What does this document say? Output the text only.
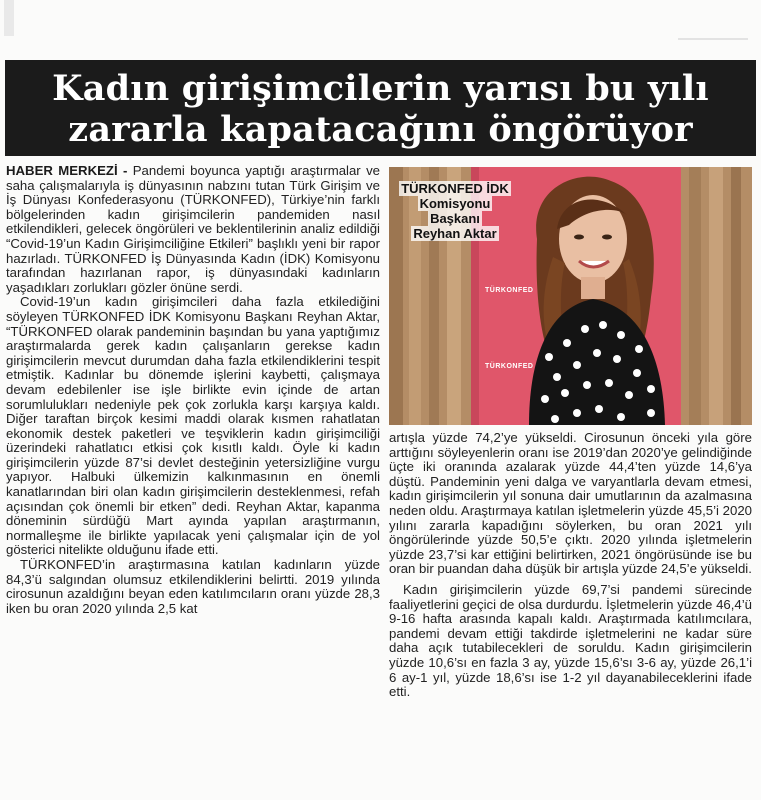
Kadın girişimcilerin yarısı bu yılı
zararla kapatacağını öngörüyor

HABER MERKEZİ - Pandemi boyunca yaptığı araştırmalar ve saha çalışmalarıyla iş dünyasının nabzını tutan Türk Girişim ve İş Dünyası Konfederasyonu (TÜRKONFED), Türkiye’nin farklı bölgelerinden kadın girişimcilerin pandemiden nasıl etkilendikleri, gelecek öngörüleri ve beklentilerinin analiz edildiği “Covid-19’un Kadın Girişimciliğine Etkileri” başlıklı yeni bir rapor hazırladı. TÜRKONFED İş Dünyasında Kadın (İDK) Komisyonu tarafından hazırlanan rapor, iş dünyasındaki kadınların yaşadıkları zorlukları gözler önüne serdi.

Covid-19’un kadın girişimcileri daha fazla etkilediğini söyleyen TÜRKONFED İDK Komisyonu Başkanı Reyhan Aktar, “TÜRKONFED olarak pandeminin başından bu yana yaptığımız araştırmalarda gerek kadın çalışanların gerekse kadın girişimcilerin mevcut durumdan daha fazla etkilendiklerini tespit etmiştik. Kadınlar bu dönemde işlerini kaybetti, çalışmaya devam edebilenler ise işle birlikte evin içinde de artan sorumlulukları nedeniyle pek çok zorlukla karşı karşıya kaldı. Diğer taraftan birçok kesimi maddi olarak kısmen rahatlatan ekonomik destek paketleri ve teşviklerin kadın girişimciliği üzerindeki rahatlatıcı etkisi çok kısıtlı kaldı. Öyle ki kadın girişimcilerin yüzde 87’si devlet desteğinin yetersizliğine vurgu yapıyor. Halbuki ülkemizin kalkınmasının en önemli kanatlarından biri olan kadın girişimcilerin desteklenmesi, refah açısından çok önemli bir etken” dedi. Reyhan Aktar, kapanma döneminin sürdüğü Mart ayında yapılan araştırmanın, normalleşme ile birlikte yapılacak yeni çalışmalar için de yol gösterici nitelikte olduğunu ifade etti.

TÜRKONFED’in araştırmasına katılan kadınların yüzde 84,3’ü salgından olumsuz etkilendiklerini belirtti. 2019 yılında cirosunun azaldığını beyan eden katılımcıların oranı yüzde 28,3 iken bu oran 2020 yılında 2,5 kat

TÜRKONFED
TÜRKONFED
TÜRKONFED İDK
Komisyonu
Başkanı
Reyhan Aktar

artışla yüzde 74,2’ye yükseldi. Cirosunun önceki yıla göre arttığını söyleyenlerin oranı ise 2019’dan 2020’ye gelindiğinde üçte iki oranında azalarak yüzde 44,4’ten yüzde 14,6’ya düştü. Pandeminin yeni dalga ve varyantlarla devam etmesi, kadın girişimcilerin yıl sonuna dair umutlarının da azalmasına neden oldu. Araştırmaya katılan işletmelerin yüzde 45,5’i 2020 yılını zararla kapadığını söylerken, bu oran 2021 yılı öngörülerinde yüzde 50,5’e çıktı. 2020 yılında işletmelerin yüzde 23,7’si kar ettiğini belirtirken, 2021 öngörüsünde ise bu oran bir puandan daha düşük bir artışla yüzde 24,5’e yükseldi.

Kadın girişimcilerin yüzde 69,7’si pandemi sürecinde faaliyetlerini geçici de olsa durdurdu. İşletmelerin yüzde 46,4’ü 9-16 hafta arasında kapalı kaldı. Araştırmada katılımcılara, pandemi devam ettiği takdirde işletmelerini ne kadar süre daha açık tutabilecekleri de soruldu. Kadın girişimcilerin yüzde 10,6’sı en fazla 3 ay, yüzde 15,6’sı 3-6 ay, yüzde 26,1’i 6 ay-1 yıl, yüzde 18,6’sı ise 1-2 yıl dayanabileceklerini ifade etti.
